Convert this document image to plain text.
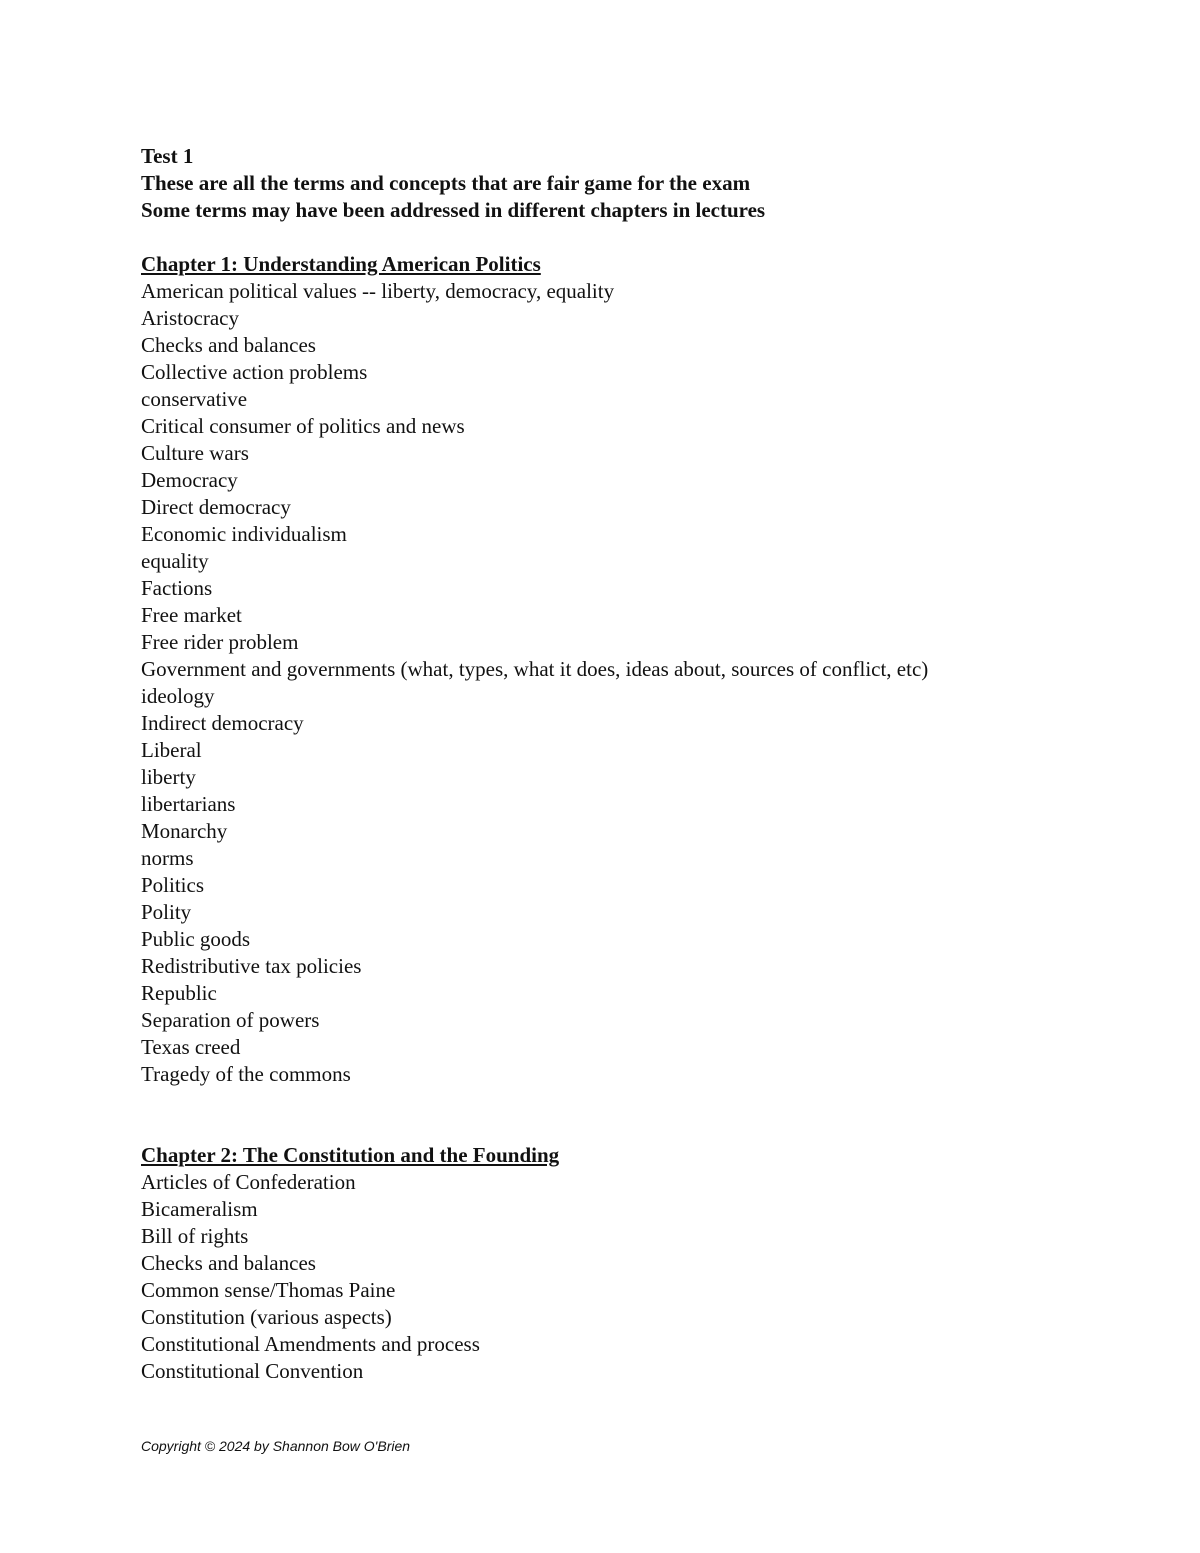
Test 1
These are all the terms and concepts that are fair game for the exam
Some terms may have been addressed in different chapters in lectures
Chapter 1: Understanding American Politics
American political values -- liberty, democracy, equality
Aristocracy
Checks and balances
Collective action problems
conservative
Critical consumer of politics and news
Culture wars
Democracy
Direct democracy
Economic individualism
equality
Factions
Free market
Free rider problem
Government and governments (what, types, what it does, ideas about, sources of conflict, etc)
ideology
Indirect democracy
Liberal
liberty
libertarians
Monarchy
norms
Politics
Polity
Public goods
Redistributive tax policies
Republic
Separation of powers
Texas creed
Tragedy of the commons
Chapter 2: The Constitution and the Founding
Articles of Confederation
Bicameralism
Bill of rights
Checks and balances
Common sense/Thomas Paine
Constitution (various aspects)
Constitutional Amendments and process
Constitutional Convention
Copyright © 2024 by Shannon Bow O'Brien
